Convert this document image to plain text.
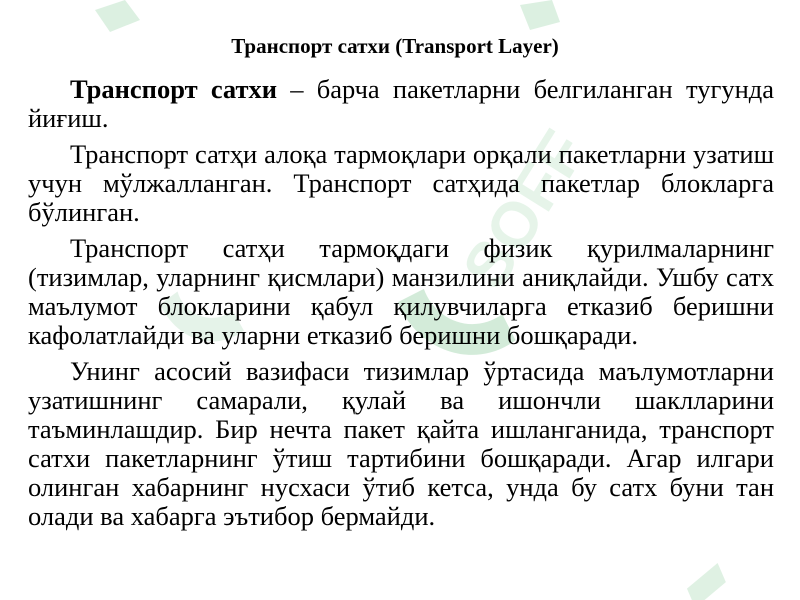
SOFF
Транспорт сатхи (Transport Layer)

Транспорт сатхи – барча пакетларни белгиланган тугунда йиғиш.

Транспорт сатҳи алоқа тармоқлари орқали пакетларни узатиш учун мўлжалланган. Транспорт сатҳида пакетлар блокларга бўлинган.

Транспорт сатҳи тармоқдаги физик қурилмаларнинг (тизимлар, уларнинг қисмлари) манзилини аниқлайди. Ушбу сатх маълумот блокларини қабул қилувчиларга етказиб беришни кафолатлайди ва уларни етказиб беришни бошқаради.

Унинг асосий вазифаси тизимлар ўртасида маълумотларни узатишнинг самарали, қулай ва ишончли шаклларини таъминлашдир. Бир нечта пакет қайта ишланганида, транспорт сатхи пакетларнинг ўтиш тартибини бошқаради. Агар илгари олинган хабарнинг нусхаси ўтиб кетса, унда бу сатх буни тан олади ва хабарга эътибор бермайди.
